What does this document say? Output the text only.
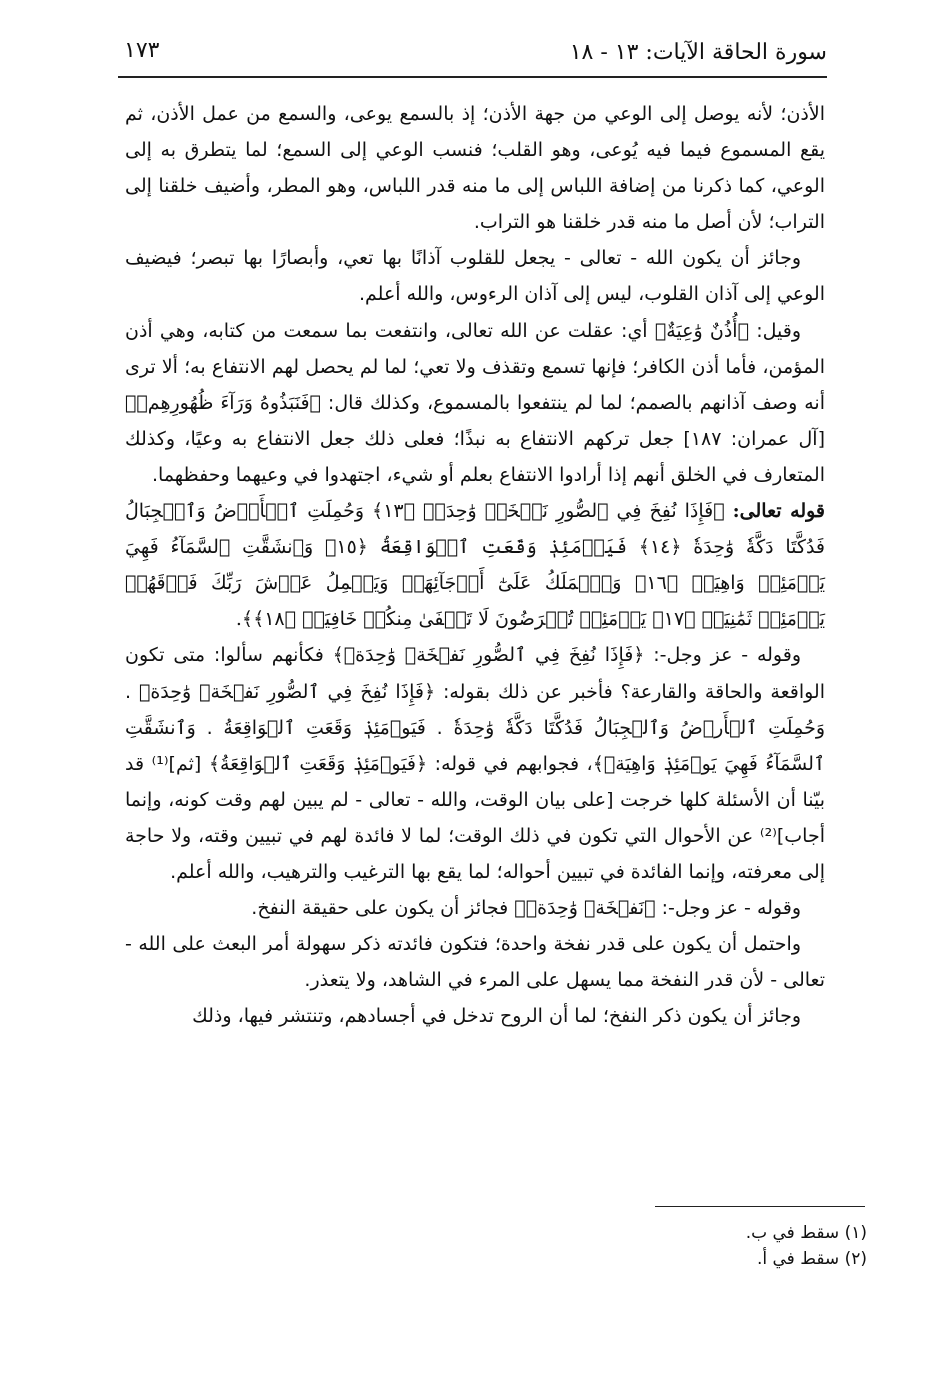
سورة الحاقة الآيات: ١٣ - ١٨
١٧٣

الأذن؛ لأنه يوصل إلى الوعي من جهة الأذن؛ إذ بالسمع يوعى، والسمع من عمل الأذن، ثم يقع المسموع فيما فيه يُوعى، وهو القلب؛ فنسب الوعي إلى السمع؛ لما يتطرق به إلى الوعي، كما ذكرنا من إضافة اللباس إلى ما منه قدر اللباس، وهو المطر، وأضيف خلقنا إلى التراب؛ لأن أصل ما منه قدر خلقنا هو التراب.

وجائز أن يكون الله - تعالى - يجعل للقلوب آذانًا بها تعي، وأبصارًا بها تبصر؛ فيضيف الوعي إلى آذان القلوب، ليس إلى آذان الرءوس، والله أعلم.

وقيل: ﴿أُذُنٌ وَٰعِيَةٌ﴾ أي: عقلت عن الله تعالى، وانتفعت بما سمعت من كتابه، وهي أذن المؤمن، فأما أذن الكافر؛ فإنها تسمع وتقذف ولا تعي؛ لما لم يحصل لهم الانتفاع به؛ ألا ترى أنه وصف آذانهم بالصمم؛ لما لم ينتفعوا بالمسموع، وكذلك قال: ﴿فَنَبَذُوهُ وَرَآءَ ظُهُورِهِمۡ﴾ [آل عمران: ١٨٧] جعل تركهم الانتفاع به نبذًا؛ فعلى ذلك جعل الانتفاع به وعيًا، وكذلك المتعارف في الخلق أنهم إذا أرادوا الانتفاع بعلم أو شيء، اجتهدوا في وعيهما وحفظهما.

قوله تعالى: ﴿فَإِذَا نُفِخَ فِي ٱلصُّورِ نَفۡخَةٞ وَٰحِدَةٞ ﴿١٣﴾ وَحُمِلَتِ ٱلۡأَرۡضُ وَٱلۡجِبَالُ فَدُكَّتَا دَكَّةٗ وَٰحِدَةٗ ﴿١٤﴾ فَيَوۡمَئِذٖ وَقَعَتِ ٱلۡوَاقِعَةُ ﴿١٥﴾ وَٱنشَقَّتِ ٱلسَّمَآءُ فَهِيَ يَوۡمَئِذٖ وَاهِيَةٞ ﴿١٦﴾ وَٱلۡمَلَكُ عَلَىٰٓ أَرۡجَآئِهَاۚ وَيَحۡمِلُ عَرۡشَ رَبِّكَ فَوۡقَهُمۡ يَوۡمَئِذٖ ثَمَٰنِيَةٞ ﴿١٧﴾ يَوۡمَئِذٖ تُعۡرَضُونَ لَا تَخۡفَىٰ مِنكُمۡ خَافِيَةٞ ﴿١٨﴾﴾.

وقوله - عز وجل-: ﴿فَإِذَا نُفِخَ فِي ٱلصُّورِ نَفۡخَةٞ وَٰحِدَةٞ﴾ فكأنهم سألوا: متى تكون الواقعة والحاقة والقارعة؟ فأخبر عن ذلك بقوله: ﴿فَإِذَا نُفِخَ فِي ٱلصُّورِ نَفۡخَةٞ وَٰحِدَةٞ . وَحُمِلَتِ ٱلۡأَرۡضُ وَٱلۡجِبَالُ فَدُكَّتَا دَكَّةٗ وَٰحِدَةٗ . فَيَوۡمَئِذٖ وَقَعَتِ ٱلۡوَاقِعَةُ . وَٱنشَقَّتِ ٱلسَّمَآءُ فَهِيَ يَوۡمَئِذٖ وَاهِيَةٞ﴾، فجوابهم في قوله: ﴿فَيَوۡمَئِذٖ وَقَعَتِ ٱلۡوَاقِعَةُ﴾ [ثم]⁽¹⁾ قد بيّنا أن الأسئلة كلها خرجت [على بيان الوقت، والله - تعالى - لم يبين لهم وقت كونه، وإنما أجاب]⁽²⁾ عن الأحوال التي تكون في ذلك الوقت؛ لما لا فائدة لهم في تبيين وقته، ولا حاجة إلى معرفته، وإنما الفائدة في تبيين أحواله؛ لما يقع بها الترغيب والترهيب، والله أعلم.

وقوله - عز وجل-: ﴿نَفۡخَةٞ وَٰحِدَةٞ﴾ فجائز أن يكون على حقيقة النفخ.

واحتمل أن يكون على قدر نفخة واحدة؛ فتكون فائدته ذكر سهولة أمر البعث على الله - تعالى - لأن قدر النفخة مما يسهل على المرء في الشاهد، ولا يتعذر.

وجائز أن يكون ذكر النفخ؛ لما أن الروح تدخل في أجسادهم، وتنتشر فيها، وذلك

(١) سقط في ب.
(٢) سقط في أ.
